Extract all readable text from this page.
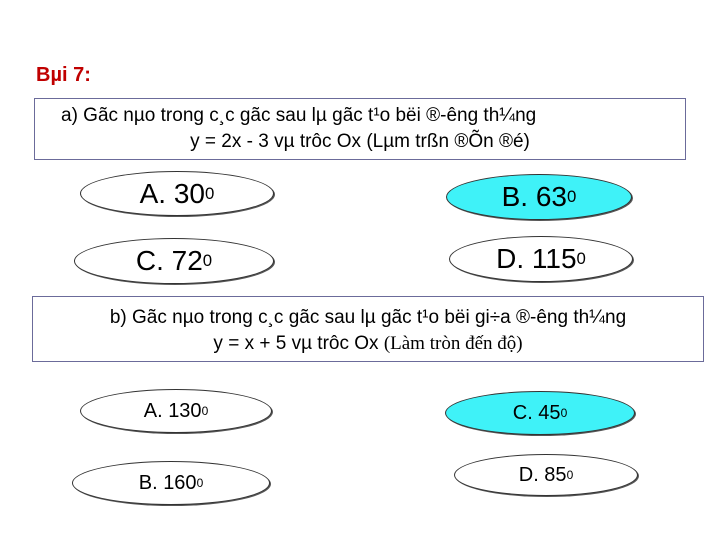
Bµi 7:
a) Gãc nµo trong c¸c gãc sau lµ gãc t¹o bëi ®-êng th¼ng
y = 2x - 3 vµ trôc Ox (Lµm trßn ®Õn ®é)
A. 30 0	B. 63 0
C. 72 0	D. 115 0
b) Gãc nµo trong c¸c gãc sau lµ gãc t¹o bëi gi÷a ®-êng th¼ng
y = x + 5 vµ trôc Ox (Làm tròn đến độ)
A. 130 0	C. 45 0
B. 160 0	D. 85 0
